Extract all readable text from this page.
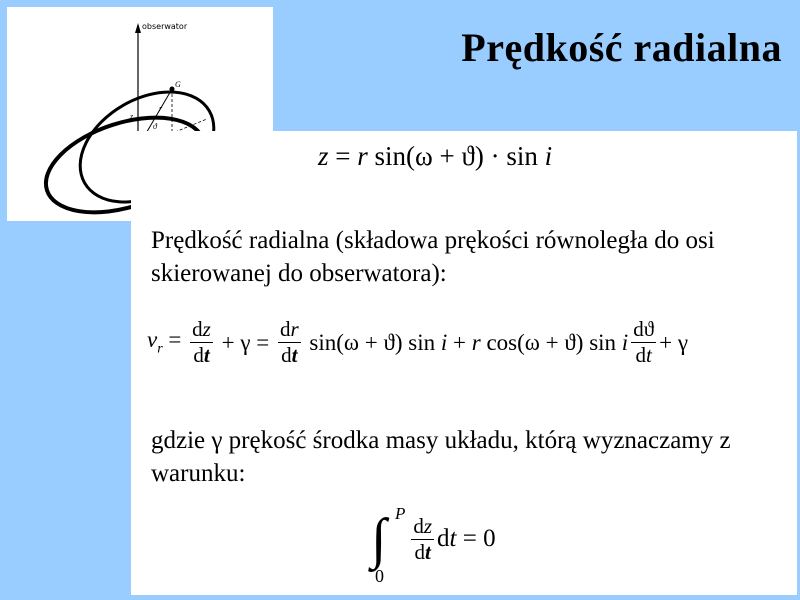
obserwator
G
z
r
ϑ
Prędkość radialna
z = r sin(ω + ϑ) · sin i
Prędkość radialna (składowa prękości równoległa do osi skierowanej do obserwatora):
$v_r = \frac{dz}{dt} + \gamma = \frac{dr}{dt} \sin(\omega + ϑ)$ sin i + r cos(ω + ϑ) sin i $\frac{dϑ}{dt} + \gamma$
gdzie γ prękość środka masy układu, którą wyznaczamy z warunku:
∫ P
0
$\frac{dz}{dt}$ dt = 0
